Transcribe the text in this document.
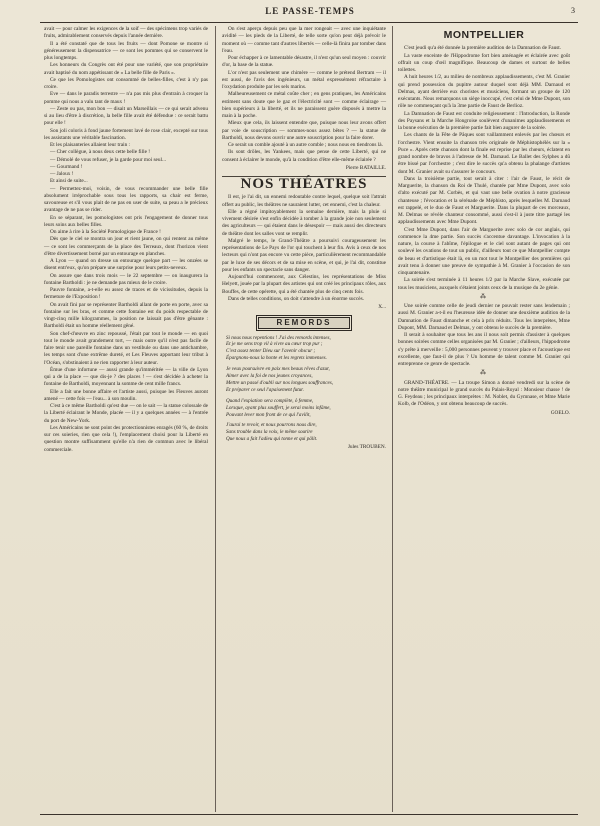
LE PASSE-TEMPS	3

avait — pour calmer les exigences de la soif — des spécimens trop variés de fruits, admirablement conservés depuis l'année dernière.

Il a été constaté que de tous les fruits — dont Pomone se montre si généreusement la dispensatrice — ce sont les pommes qui se conservent le plus longtemps.

Les honneurs du Congrès ont été pour une variété, que son propriétaire avait baptisé du nom appétissant de « La belle fille de Paris ».

Ce que les Pomologistes ont consommé de belles-filles, c'est à n'y pas croire.

Eve — dans le paradis terrestre — n'a pas mis plus d'entrain à croquer la pomme qui nous a valu tant de maux !

— Zeste ou pas, mon bon — disait un Marseillais — ce qui serait advenu si au lieu d'être à discrétion, la belle fille avait été défendue : ce serait battu pour elle !

Son joli coloris à fond jaune fortement lavé de rose clair, excepté sur tous les assistants une véritable fascination.

Et les plaisanteries allaient leur train :

— Cher collègue, à nous deux cette belle fille !

— Démolé de vous refuser, je la garde pour moi seul...

— Gourmand !

— Jaloux !

Et ainsi de suite...

— Permettez-moi, voisin, de vous recommander une belle fille absolument irréprochable sous tous les rapports, sa chair est ferme, savoureuse et s'il vous plait de ne pas en user de suite, sa peau a le précieux avantage de ne pas se rider.

En se séparant, les pomologistes ont pris l'engagement de donner tous leurs soins aux belles filles.

On aime à rire à la Société Pomologique de France !

Dès que le ciel se montra un jour et rient jaune, on qui rentent au même — ce sont les commerçants de la place des Terreaux, dont l'horizon vient d'être divertissement borné par un entourage en planches.

A Lyon — quand on dresse un entourage quelque part — les onzées se disent entr'eux, qu'on prépare une surprise pour leurs petits-neveux.

On assure que dans trois mois — le 22 septembre — on inaugurera la fontaine Bartholdi : je ne demande pas mieux de le croire.

Pauvre fontaine, a-t-elle eu assez de traces et de vicissitudes, depuis la fermeture de l'Exposition !

On avait fini par se représenter Bartholdi allant de porte en porte, avec sa fontaine sur les bras, et comme cette fontaine est du poids respectable de vingt-cinq mille kilogrammes, la position ne laissait pas d'être gênante : Bartholdi était un homme réellement gêné.

Son chef-d'œuvre en zinc repoussé, l'était par tout le monde — en quoi tout le monde avait grandement tort, — mais outre qu'il n'est pas facile de faire tenir une pareille fontaine dans un vestibule ou dans une antichambre, les temps sont d'une extrême dureté, et Les Fleuves apportant leur tribut à l'Océan, s'obstinaient à ne rien rapporter à leur auteur.

Émue d'une infortune — aussi grande qu'imméritée — la ville de Lyon qui a de la place — que dis-je ? des places ! — s'est décidée à acheter la fontaine de Bartholdi, moyennant la somme de cent mille francs.

Elle a fait une bonne affaire et l'artiste aussi, puisque les Fleuves auront amené — cette fois — l'eau... à son moulin.

C'est à ce même Bartholdi qu'est due — on le sait — la statue colossale de la Liberté éclairant le Monde, placée — il y a quelques années — à l'entrée du port de New-York.

Les Américains ne sont point des protectionnistes enragés (60 %, de droits sur ces soieries, rien que cela !), l'emplacement choisi pour la Liberté en question montre suffisamment qu'elle n'a rien de commun avec le libéral commerciale.

On s'est aperçu depuis peu que la mer rongeait — avec une inquiétante avidité — les pieds de la Liberté, de telle sorte qu'on peut déjà prévoir le moment où — comme tant d'autres libertés — celle-là finira par tomber dans l'eau.

Pour échapper à ce lamentable désastre, il n'est qu'un seul moyen : couvrir d'or, la base de la statue.

L'or n'est pas seulement une chimère — comme le prétend Bertram — il est aussi, de l'avis des ingénieurs, un métal expressément réfractaire à l'oxydation produite par les sels marins.

Malheureusement ce métal coûte cher ; en gens pratiques, les Américains estiment sans doute que le gaz et l'électricité sont — comme éclairage — bien supérieurs à la liberté, et ils ne paraissent guère disposés à mettre la main à la poche.

Mieux que cela, ils laissent entendre que, puisque nous leur avons offert par voie de souscription — sommes-nous assez bêtes ? — la statue de Bartholdi, nous devons ouvrir une autre souscription pour la faire dorer.

Ce serait un comble ajouté à un autre comble ; nous nous en tiendrons là.

Ils sont drôles, les Yankees, mais que pense de cette Liberté, qui ne consent à éclairer le monde, qu'à la condition d'être elle-même éclairée ?

Pierre BATAILLE.
NOS THÉATRES

Il est, je l'ai dit, un ennemi redoutable contre lequel, quelque soit l'attrait offert au public, les théâtres ne sauraient lutter, cet ennemi, c'est la chaleur.

Elle a régné impitoyablement la semaine dernière, mais la pluie si vivement désirée s'est enfin décidée à tomber à la grande joie non seulement des agriculteurs — qui étaient dans le désespoir — mais aussi des directeurs de théâtre dont les salles vont se remplir.

Malgré le temps, le Grand-Théâtre a poursuivi courageusement les représentations de Le Pays de l'or qui touchent à leur fin. Avis à ceux de nos lecteurs qui n'ont pas encore vu cette pièce, particulièrement recommandable par le luxe de ses décors et de sa mise en scène, et qui, je l'ai dit, constitue pour les enfants un spectacle sans danger.

Aujourd'hui commencent, aux Célestins, les représentations de Miss Helyett, jouée par la plupart des artistes qui ont créé les principaux rôles, aux Bouffes, de cette opérette, qui a été chantée plus de cinq cents fois.

Dans de telles conditions, on doit s'attendre à un énorme succès.

X...
REMORDS
Si nous nous repentions ! J'ai des remords intenses,
Et je me sens trop vil à vivre au cœur trop pur ;
C'est assez tenter Dieu sur l'avenir obscur ;
Épargnons-nous la honte et les regrets immenses.
Je veux poursuivre en paix mes beaux rêves d'azur,
Aimer avec la foi de nos jeunes croyances,
Mettre un passé d'oubli sur nos longues souffrances,
Et préparer ce seul l'apaisement futur.
Quand l'expiation sera complète, ô femme,
Lorsque, ayant plus souffert, je serai moins infâme,
Pouvant lever mon front de ce qui l'avilit,
J'aurai te revoir, et nous pourrons nous dire,
Sans trouble dans la voix, le même sourire
Que nous a fait l'adieu qui tonne et qui pâlit.
Jules TROUBEN.
MONTPELLIER

C'est jeudi qu'a été donnée la première audition de la Damnation de Faust.

La vaste enceinte de l'Hippodrome fort bien aménagée et éclairée avec goût offrait un coup d'œil magnifique. Beaucoup de dames et surtout de belles toilettes.

A huit heures 1/2, au milieu de nombreux applaudissements, c'est M. Granier qui prend possession du pupitre autour duquel sont déjà MM. Darnaud et Delmas, ayant derrière eux choristes et musiciens, formant un groupe de 120 exécutants. Nous remarquons un siège inoccupé, c'est celui de Mme Dupont, son rôle ne commençant qu'à la 3me partie de Faust de Berlioz.

La Damnation de Faust est conduite religieusement : l'Introduction, la Ronde des Paysans et la Marche Hongroise soulèvent d'unanimes applaudissements et la bonne exécution de la première partie fait bien augurer de la soirée.

Les chants de la Fête de Pâques sont vaillamment enlevés par les chœurs et l'orchestre. Vient ensuite la chanson très originale de Méphistophélès sur la « Puce ». Après cette chanson dont la finale est reprise par les chœurs, éclatent en grand nombre de bravos à l'adresse de M. Darnaud. Le Ballet des Sylphes a dû être bissé par l'orchestre ; c'est dire le succès qu'a obtenu la phalange d'artistes dont M. Granier avait su s'assurer le concours.

Dans la troisième partie, tout serait à citer : l'air de Faust, le récit de Marguerite, la chanson du Roi de Thulé, chantée par Mme Dupont, avec solo d'alto exécuté par M. Corbès, et qui vaut une belle ovation à notre gracieuse chanteuse ; l'évocation et la sérénade de Méphisto, après lesquelles M. Darnaud est rappelé, et le duo de Faust et Marguerite. Dans la plupart de ces morceaux, M. Delmas se révèle chanteur consommé, aussi s'est-il à juste titre partagé les applaudissements avec Mme Dupont.

C'est Mme Dupont, dans l'air de Marguerite avec solo de cor anglais, qui commence la 4me partie. Son succès s'accentue davantage. L'invocation à la nature, la course à l'abîme, l'épilogue et le ciel sont autant de pages qui ont soulevé les ovations de tout un public, d'ailleurs tout ce que Montpellier compte de beau et d'artistique était là, en un mot tout le Montpellier des premières qui avait tenu à donner une preuve de sympathie à M. Granier à l'occasion de son cinquantenaire.

La soirée s'est terminée à 11 heures 1/2 par la Marche Slave, exécutée par tous les musiciens, auxquels s'étaient joints ceux de la musique du 2e génie.

⁂

Une soirée comme celle de jeudi dernier ne pouvait rester sans lendemain ; aussi M. Granier a-t-il eu l'heureuse idée de donner une deuxième audition de la Damnation de Faust dimanche et cela à prix réduits. Tous les interprètes, Mme Dupont, MM. Darnaud et Delmas, y ont obtenu le succès de la première.

Il serait à souhaiter que tous les ans il nous soit permis d'assister à quelques bonnes soirées comme celles organisées par M. Granier ; d'ailleurs, l'hippodrome s'y prête à merveille : 5,000 personnes peuvent y trouver place et l'acoustique est excellente, que faut-il de plus ? Un homme de talent comme M. Granier qui entreprenne ce genre de spectacle.

⁂

GRAND-THÉATRE. — La troupe Simon a donné vendredi sur la scène de notre théâtre municipal le grand succès du Palais-Royal : Monsieur chasse ! de G. Feydeau ; les principaux interprètes : M. Noblet, du Gymnase, et Mme Marie Kolb, de l'Odéon, y ont obtenu beaucoup de succès.

GOELO.
